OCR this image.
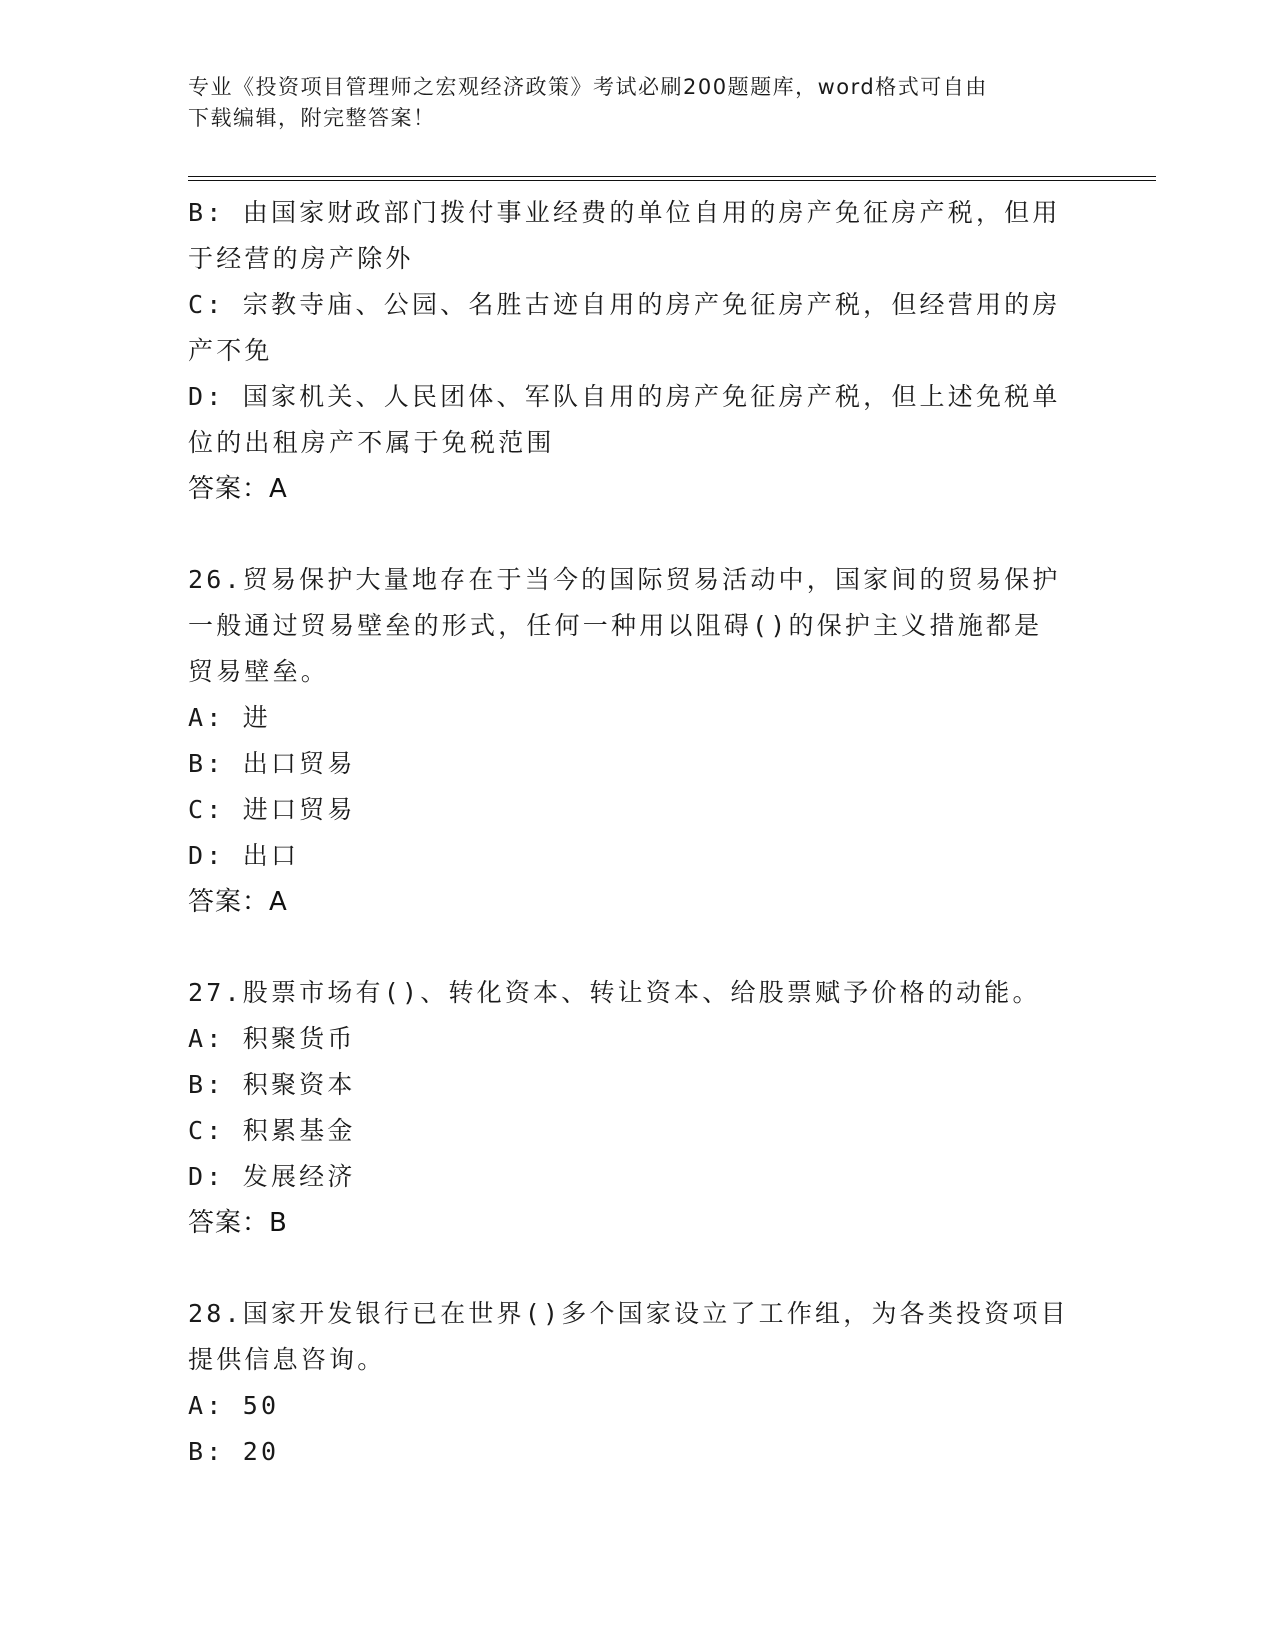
专业《投资项目管理师之宏观经济政策》考试必刷200题题库，word格式可自由
下载编辑，附完整答案！
B: 由国家财政部门拨付事业经费的单位自用的房产免征房产税，但用
于经营的房产除外
C: 宗教寺庙、公园、名胜古迹自用的房产免征房产税，但经营用的房
产不免
D: 国家机关、人民团体、军队自用的房产免征房产税，但上述免税单
位的出租房产不属于免税范围
答案：A
26.贸易保护大量地存在于当今的国际贸易活动中，国家间的贸易保护
一般通过贸易壁垒的形式，任何一种用以阻碍()的保护主义措施都是
贸易壁垒。
A: 进
B: 出口贸易
C: 进口贸易
D: 出口
答案：A
27.股票市场有()、转化资本、转让资本、给股票赋予价格的动能。
A: 积聚货币
B: 积聚资本
C: 积累基金
D: 发展经济
答案：B
28.国家开发银行已在世界()多个国家设立了工作组，为各类投资项目
提供信息咨询。
A: 50
B: 20
